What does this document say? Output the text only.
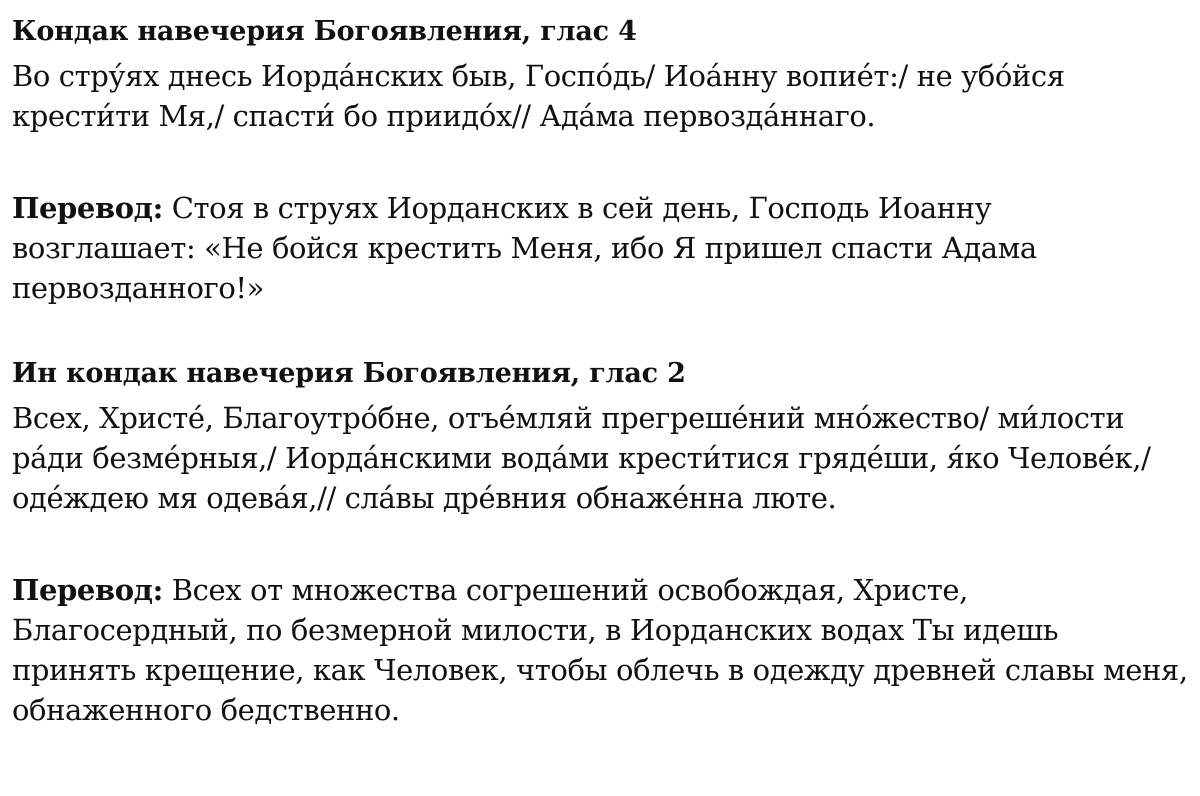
Кондак навечерия Богоявления, глас 4
Во стру́ях днесь Иорда́нских быв, Госпо́дь/ Иоа́нну вопие́т:/ не убо́йся
крести́ти Мя,/ спасти́ бо приидо́х// Ада́ма первозда́ннаго.
Перевод: Стоя в струях Иорданских в сей день, Господь Иоанну
возглашает: «Не бойся крестить Меня, ибо Я пришел спасти Адама
первозданного!»
Ин кондак навечерия Богоявления, глас 2
Всех, Христе́, Благоутро́бне, отъе́мляй прегреше́ний мно́жество/ ми́лости
ра́ди безме́рныя,/ Иорда́нскими вода́ми крести́тися гряде́ши, я́ко Челове́к,/
оде́ждею мя одева́я,// сла́вы дре́вния обнаже́нна люте.
Перевод: Всех от множества согрешений освобождая, Христе,
Благосердный, по безмерной милости, в Иорданских водах Ты идешь
принять крещение, как Человек, чтобы облечь в одежду древней славы меня,
обнаженного бедственно.
